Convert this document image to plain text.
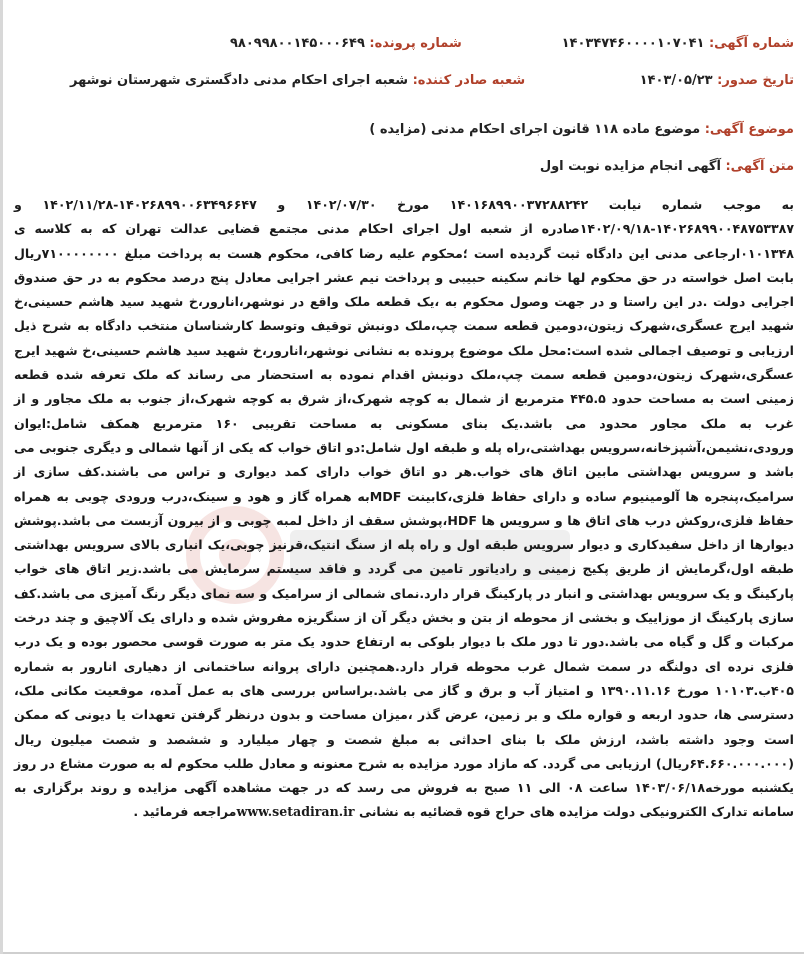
شماره آگهی: ۱۴۰۳۴۷۴۶۰۰۰۰۱۰۷۰۴۱
شماره پرونده: ۹۸۰۹۹۸۰۰۱۴۵۰۰۰۶۴۹
تاریخ صدور: ۱۴۰۳/۰۵/۲۳
شعبه صادر کننده: شعبه اجرای احکام مدنی دادگستری شهرستان نوشهر
موضوع آگهی: موضوع ماده ۱۱۸ قانون اجرای احکام مدنی (مزایده )
متن آگهی: آگهی انجام مزایده نوبت اول
به موجب شماره نیابت ۱۴۰۱۶۸۹۹۰۰۳۷۲۸۸۲۴۲ مورخ ۱۴۰۲/۰۷/۳۰ و ۱۴۰۲۶۸۹۹۰۰۶۳۴۹۶۶۴۷-۱۴۰۲/۱۱/۲۸ و ۱۴۰۲۶۸۹۹۰۰۴۸۷۵۳۳۸۷-۱۴۰۲/۰۹/۱۸صادره از شعبه اول اجرای احکام مدنی مجتمع قضایی عدالت تهران که به کلاسه ی ۰۱۰۱۳۴۸ارجاعی مدنی این دادگاه ثبت گردیده است ؛محکوم علیه رضا کافی، محکوم هست به پرداخت مبلغ ۷۱۰۰۰۰۰۰۰۰ریال بابت اصل خواسته در حق محکوم لها خانم سکینه حبیبی و پرداخت نیم عشر اجرایی معادل پنج درصد محکوم به در حق صندوق اجرایی دولت .در این راستا و در جهت وصول محکوم به ،یک قطعه ملک واقع در نوشهر،انارور،خ شهید سید هاشم حسینی،خ شهید ایرج عسگری،شهرک زیتون،دومین قطعه سمت چپ،ملک دونبش توقیف وتوسط کارشناسان منتخب دادگاه به شرح ذیل ارزیابی و توصیف اجمالی شده است:محل ملک موضوع پرونده به نشانی نوشهر،انارور،خ شهید سید هاشم حسینی،خ شهید ایرج عسگری،شهرک زیتون،دومین قطعه سمت چپ،ملک دونبش اقدام نموده به استحضار می رساند که ملک تعرفه شده قطعه زمینی است به مساحت حدود ۴۴۵.۵ مترمربع از شمال به کوچه شهرک،از شرق به کوچه شهرک،از جنوب به ملک مجاور و از غرب به ملک مجاور محدود می باشد.یک بنای مسکونی به مساحت تقریبی ۱۶۰ مترمربع همکف شامل:ایوان ورودی،نشیمن،آشپزخانه،سرویس بهداشتی،راه پله و طبقه اول شامل:دو اتاق خواب که یکی از آنها شمالی و دیگری جنوبی می باشد و سرویس بهداشتی مابین اتاق های خواب.هر دو اتاق خواب دارای کمد دیواری و تراس می باشند.کف سازی از سرامیک،پنجره ها آلومینیوم ساده و دارای حفاظ فلزی،کابینت MDFبه همراه گاز و هود و سینک،درب ورودی چوبی به همراه حفاظ فلزی،روکش درب های اتاق ها و سرویس ها HDF،پوشش سقف از داخل لمبه چوبی و از بیرون آزبست می باشد.پوشش دیوارها از داخل سفیدکاری و دیوار سرویس طبقه اول و راه پله از سنگ انتیک،قرنیز چوبی،یک انباری بالای سرویس بهداشتی طبقه اول،گرمایش از طریق پکیج زمینی و رادیاتور تامین می گردد و فاقد سیستم سرمایش می باشد.زیر اتاق های خواب پارکینگ و یک سرویس بهداشتی و انبار در پارکینگ قرار دارد.نمای شمالی از سرامیک و سه نمای دیگر رنگ آمیزی می باشد.کف سازی پارکینگ از موزاییک و بخشی از محوطه از بتن و بخش دیگر آن از سنگریزه مفروش شده و دارای یک آلاچیق و چند درخت مرکبات و گل و گیاه می باشد.دور تا دور ملک با دیوار بلوکی به ارتفاع حدود یک متر به صورت قوسی محصور بوده و یک درب فلزی نرده ای دولنگه در سمت شمال غرب محوطه قرار دارد.همچنین دارای پروانه ساختمانی از دهیاری انارور به شماره ۴۰۵ب.۱۰۱۰۳ مورخ ۱۳۹۰.۱۱.۱۶ و امتیاز آب و برق و گاز می باشد.براساس بررسی های به عمل آمده، موقعیت مکانی ملک، دسترسی ها، حدود اربعه و قواره ملک و بر زمین، عرض گذر ،میزان مساحت و بدون درنظر گرفتن تعهدات یا دیونی که ممکن است وجود داشته باشد، ارزش ملک با بنای احداثی به مبلغ شصت و چهار میلیارد و ششصد و شصت میلیون ریال (۶۴.۶۶۰.۰۰۰.۰۰۰ریال) ارزیابی می گردد. که مازاد مورد مزایده به شرح معنونه و معادل طلب محکوم له به صورت مشاع در روز یکشنبه مورخه۱۴۰۳/۰۶/۱۸ ساعت ۰۸ الی ۱۱ صبح به فروش می رسد که در جهت مشاهده آگهی مزایده و روند برگزاری به سامانه تدارک الکترونیکی دولت مزایده های حراج قوه قضائیه به نشانی www.setadiran.irمراجعه فرمائید .
